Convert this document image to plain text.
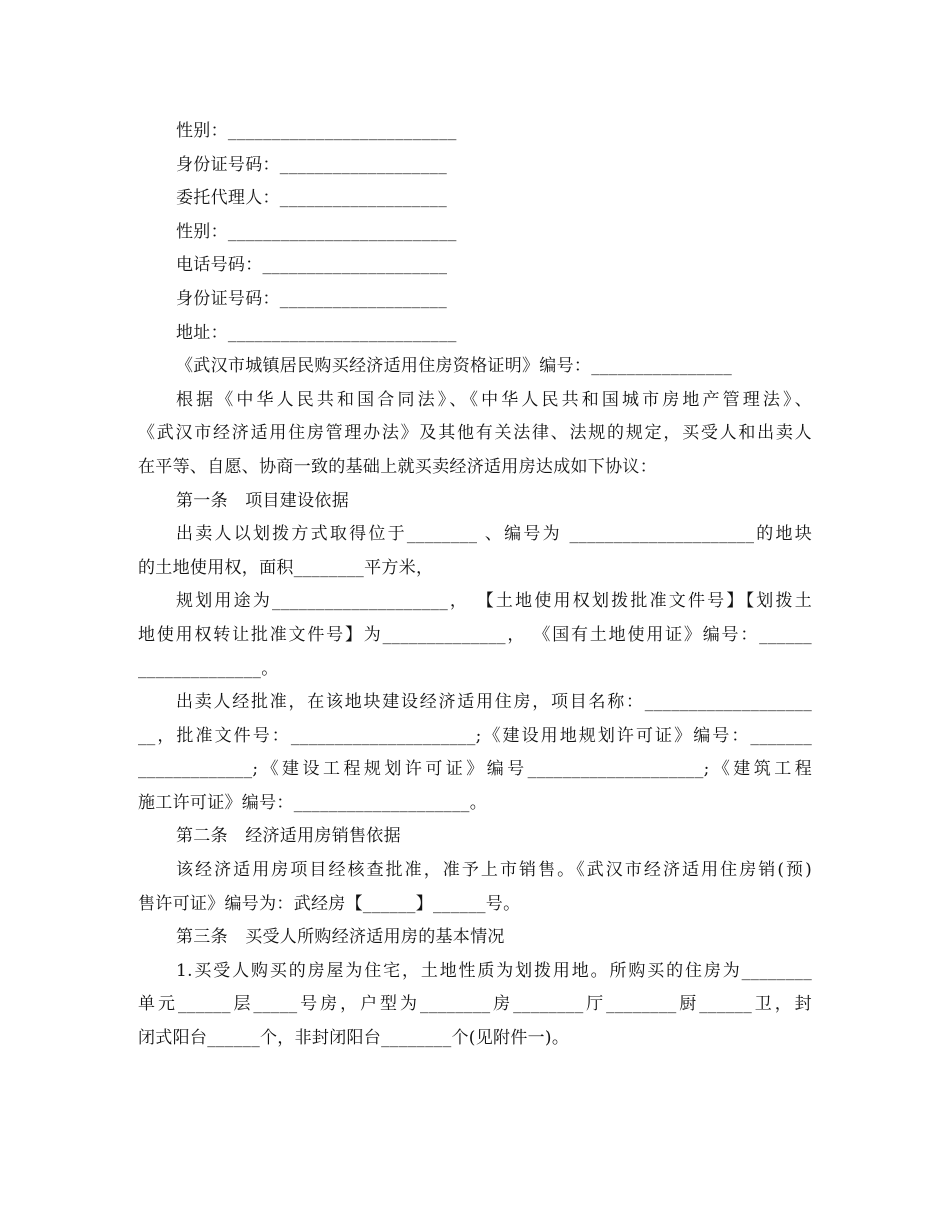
性别：__________________________

身份证号码：___________________

委托代理人：___________________

性别：__________________________

电话号码：_____________________

身份证号码：___________________

地址：__________________________

《武汉市城镇居民购买经济适用住房资格证明》编号：________________

根据《中华人民共和国合同法》、《中华人民共和国城市房地产管理法》、

《武汉市经济适用住房管理办法》及其他有关法律、法规的规定，买受人和出卖人

在平等、自愿、协商一致的基础上就买卖经济适用房达成如下协议：

第一条　项目建设依据

出卖人以划拨方式取得位于________ 、编号为 _____________________的地块

的土地使用权，面积________平方米，

规划用途为____________________， 【土地使用权划拨批准文件号】【划拨土

地使用权转让批准文件号】为______________， 《国有土地使用证》编号：______

______________。

出卖人经批准，在该地块建设经济适用住房，项目名称：___________________

__，批准文件号：_____________________;《建设用地规划许可证》编号：_______

_____________;《建设工程规划许可证》编号____________________;《建筑工程

施工许可证》编号：____________________。

第二条　经济适用房销售依据

该经济适用房项目经核查批准，准予上市销售。《武汉市经济适用住房销(预)

售许可证》编号为：武经房【______】______号。

第三条　买受人所购经济适用房的基本情况

1.买受人购买的房屋为住宅，土地性质为划拨用地。所购买的住房为________

单元______层_____号房，户型为________房________厅________厨______卫，封

闭式阳台______个，非封闭阳台________个(见附件一)。
